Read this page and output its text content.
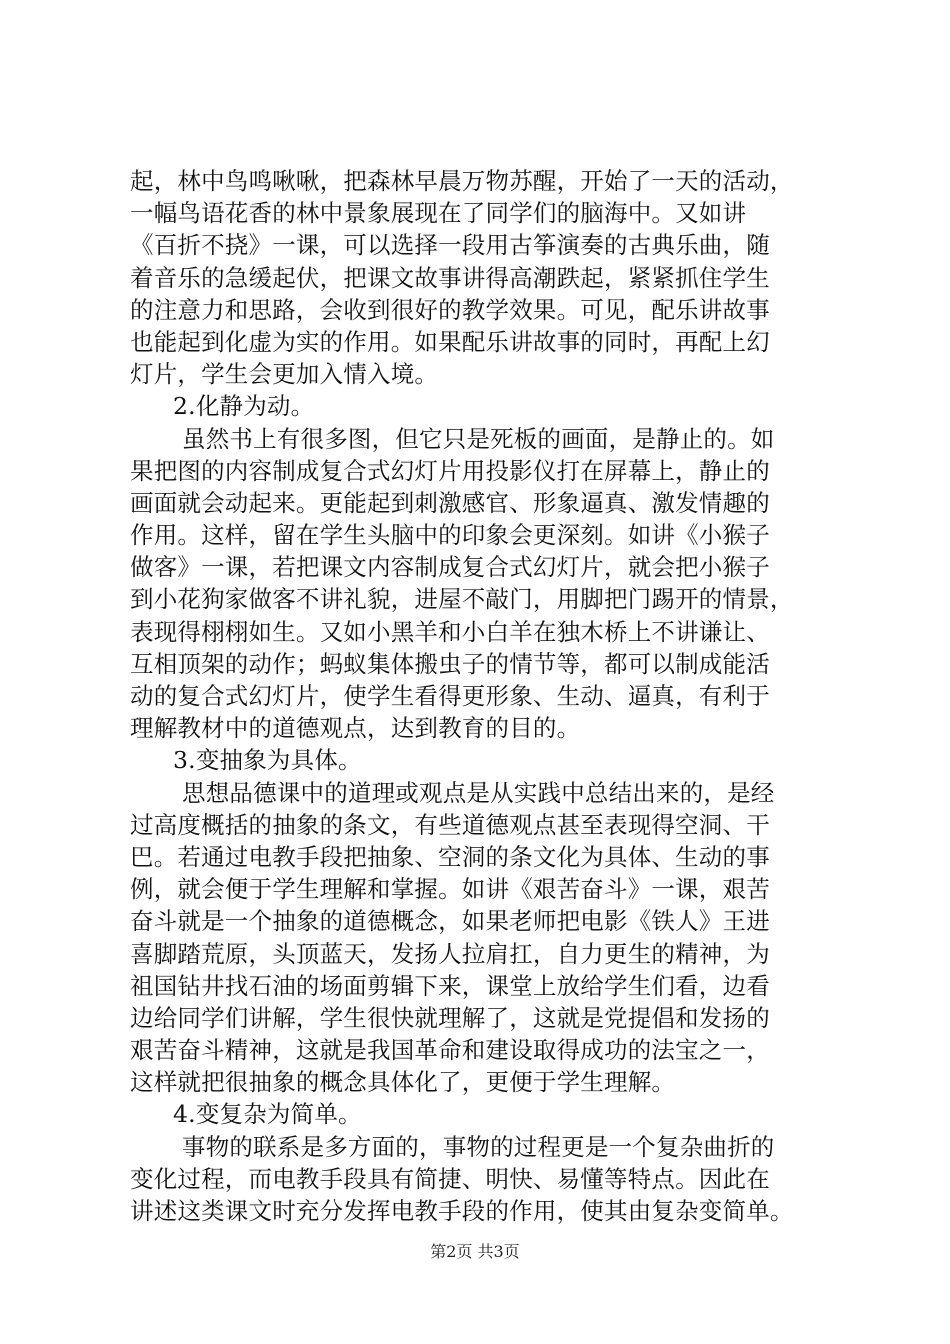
起，林中鸟鸣啾啾，把森林早晨万物苏醒，开始了一天的活动，
一幅鸟语花香的林中景象展现在了同学们的脑海中。又如讲
《百折不挠》一课，可以选择一段用古筝演奏的古典乐曲，随
着音乐的急缓起伏，把课文故事讲得高潮跌起，紧紧抓住学生
的注意力和思路，会收到很好的教学效果。可见，配乐讲故事
也能起到化虚为实的作用。如果配乐讲故事的同时，再配上幻
灯片，学生会更加入情入境。
2.化静为动。
虽然书上有很多图，但它只是死板的画面，是静止的。如
果把图的内容制成复合式幻灯片用投影仪打在屏幕上，静止的
画面就会动起来。更能起到刺激感官、形象逼真、激发情趣的
作用。这样，留在学生头脑中的印象会更深刻。如讲《小猴子
做客》一课，若把课文内容制成复合式幻灯片，就会把小猴子
到小花狗家做客不讲礼貌，进屋不敲门，用脚把门踢开的情景，
表现得栩栩如生。又如小黑羊和小白羊在独木桥上不讲谦让、
互相顶架的动作；蚂蚁集体搬虫子的情节等，都可以制成能活
动的复合式幻灯片，使学生看得更形象、生动、逼真，有利于
理解教材中的道德观点，达到教育的目的。
3.变抽象为具体。
思想品德课中的道理或观点是从实践中总结出来的，是经
过高度概括的抽象的条文，有些道德观点甚至表现得空洞、干
巴。若通过电教手段把抽象、空洞的条文化为具体、生动的事
例，就会便于学生理解和掌握。如讲《艰苦奋斗》一课，艰苦
奋斗就是一个抽象的道德概念，如果老师把电影《铁人》王进
喜脚踏荒原，头顶蓝天，发扬人拉肩扛，自力更生的精神，为
祖国钻井找石油的场面剪辑下来，课堂上放给学生们看，边看
边给同学们讲解，学生很快就理解了，这就是党提倡和发扬的
艰苦奋斗精神，这就是我国革命和建设取得成功的法宝之一，
这样就把很抽象的概念具体化了，更便于学生理解。
4.变复杂为简单。
事物的联系是多方面的，事物的过程更是一个复杂曲折的
变化过程，而电教手段具有简捷、明快、易懂等特点。因此在
讲述这类课文时充分发挥电教手段的作用，使其由复杂变简单。
第2页 共3页
